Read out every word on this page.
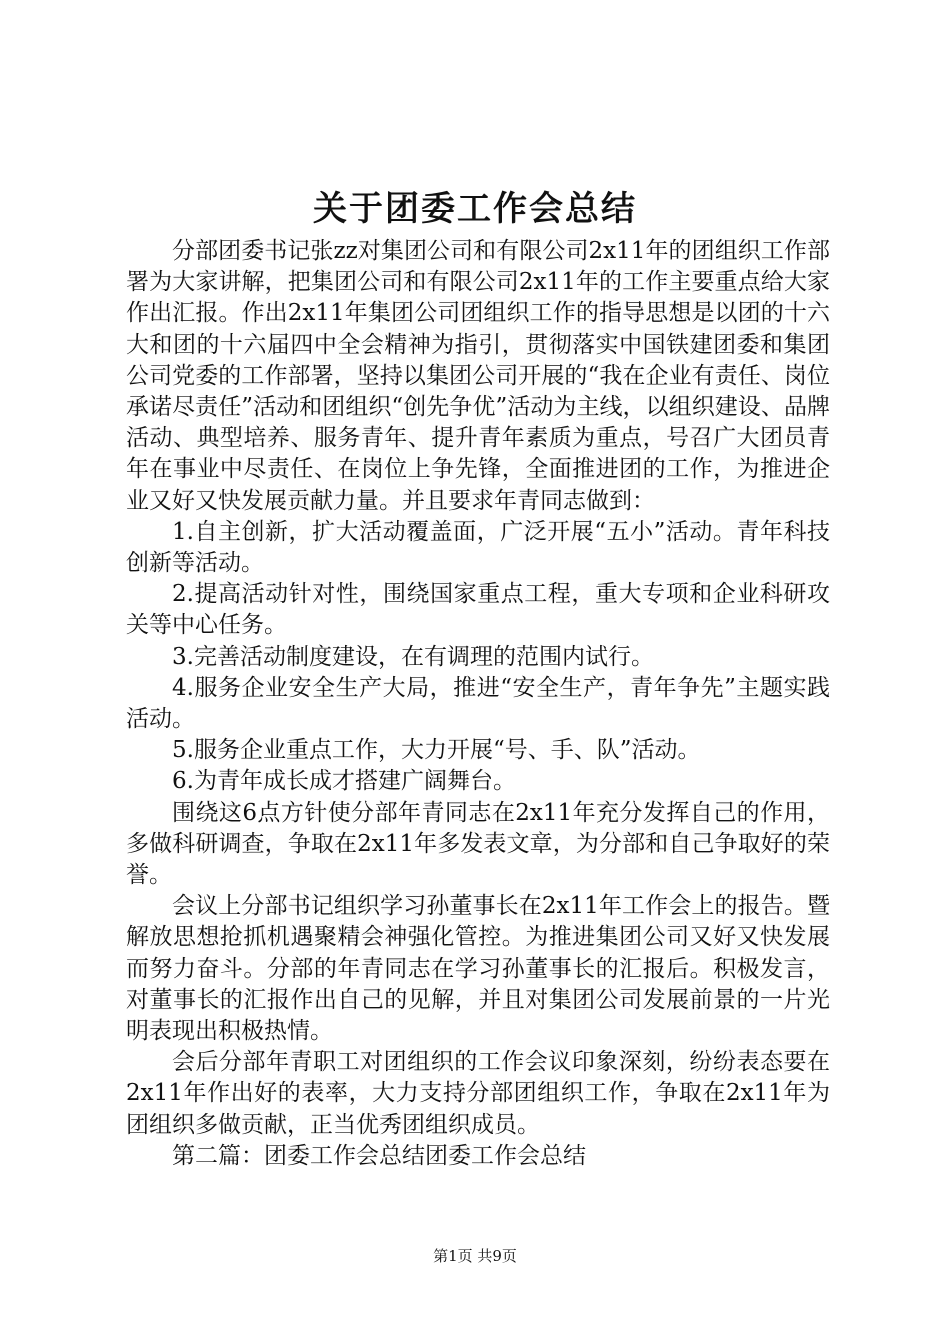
关于团委工作会总结

分部团委书记张zz对集团公司和有限公司2x11年的团组织工作部署为大家讲解，把集团公司和有限公司2x11年的工作主要重点给大家作出汇报。作出2x11年集团公司团组织工作的指导思想是以团的十六大和团的十六届四中全会精神为指引，贯彻落实中国铁建团委和集团公司党委的工作部署，坚持以集团公司开展的“我在企业有责任、岗位承诺尽责任”活动和团组织“创先争优”活动为主线，以组织建设、品牌活动、典型培养、服务青年、提升青年素质为重点，号召广大团员青年在事业中尽责任、在岗位上争先锋，全面推进团的工作，为推进企业又好又快发展贡献力量。并且要求年青同志做到：

1.自主创新，扩大活动覆盖面，广泛开展“五小”活动。青年科技创新等活动。

2.提高活动针对性，围绕国家重点工程，重大专项和企业科研攻关等中心任务。

3.完善活动制度建设，在有调理的范围内试行。

4.服务企业安全生产大局，推进“安全生产，青年争先”主题实践活动。

5.服务企业重点工作，大力开展“号、手、队”活动。

6.为青年成长成才搭建广阔舞台。

围绕这6点方针使分部年青同志在2x11年充分发挥自己的作用，多做科研调查，争取在2x11年多发表文章，为分部和自己争取好的荣誉。

会议上分部书记组织学习孙董事长在2x11年工作会上的报告。暨解放思想抢抓机遇聚精会神强化管控。为推进集团公司又好又快发展而努力奋斗。分部的年青同志在学习孙董事长的汇报后。积极发言，对董事长的汇报作出自己的见解，并且对集团公司发展前景的一片光明表现出积极热情。

会后分部年青职工对团组织的工作会议印象深刻，纷纷表态要在2x11年作出好的表率，大力支持分部团组织工作，争取在2x11年为团组织多做贡献，正当优秀团组织成员。

第二篇：团委工作会总结团委工作会总结

第1页 共9页
